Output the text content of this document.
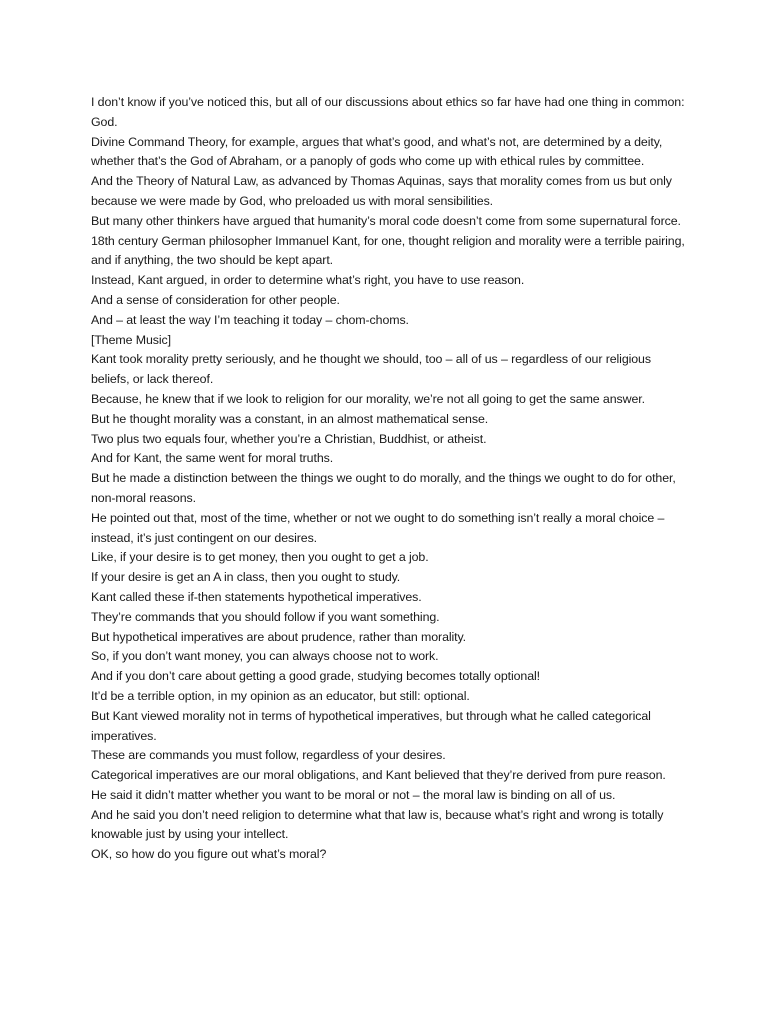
I don’t know if you’ve noticed this, but all of our discussions about ethics so far have had one thing in common: God.

Divine Command Theory, for example, argues that what’s good, and what’s not, are determined by a deity, whether that’s the God of Abraham, or a panoply of gods who come up with ethical rules by committee.

And the Theory of Natural Law, as advanced by Thomas Aquinas, says that morality comes from us but only because we were made by God, who preloaded us with moral sensibilities.

But many other thinkers have argued that humanity’s moral code doesn’t come from some supernatural force.

18th century German philosopher Immanuel Kant, for one, thought religion and morality were a terrible pairing, and if anything, the two should be kept apart.

Instead, Kant argued, in order to determine what’s right, you have to use reason.

And a sense of consideration for other people.

And – at least the way I’m teaching it today – chom-choms.

[Theme Music]

Kant took morality pretty seriously, and he thought we should, too – all of us – regardless of our religious beliefs, or lack thereof.

Because, he knew that if we look to religion for our morality, we’re not all going to get the same answer.

But he thought morality was a constant, in an almost mathematical sense.

Two plus two equals four, whether you’re a Christian, Buddhist, or atheist.

And for Kant, the same went for moral truths.

But he made a distinction between the things we ought to do morally, and the things we ought to do for other, non-moral reasons.

He pointed out that, most of the time, whether or not we ought to do something isn’t really a moral choice – instead, it’s just contingent on our desires.

Like, if your desire is to get money, then you ought to get a job.

If your desire is get an A in class, then you ought to study.

Kant called these if-then statements hypothetical imperatives.

They’re commands that you should follow if you want something.

But hypothetical imperatives are about prudence, rather than morality.

So, if you don’t want money, you can always choose not to work.

And if you don’t care about getting a good grade, studying becomes totally optional!

It’d be a terrible option, in my opinion as an educator, but still: optional.

But Kant viewed morality not in terms of hypothetical imperatives, but through what he called categorical imperatives.

These are commands you must follow, regardless of your desires.

Categorical imperatives are our moral obligations, and Kant believed that they’re derived from pure reason.

He said it didn’t matter whether you want to be moral or not – the moral law is binding on all of us.

And he said you don’t need religion to determine what that law is, because what’s right and wrong is totally knowable just by using your intellect.

OK, so how do you figure out what’s moral?
